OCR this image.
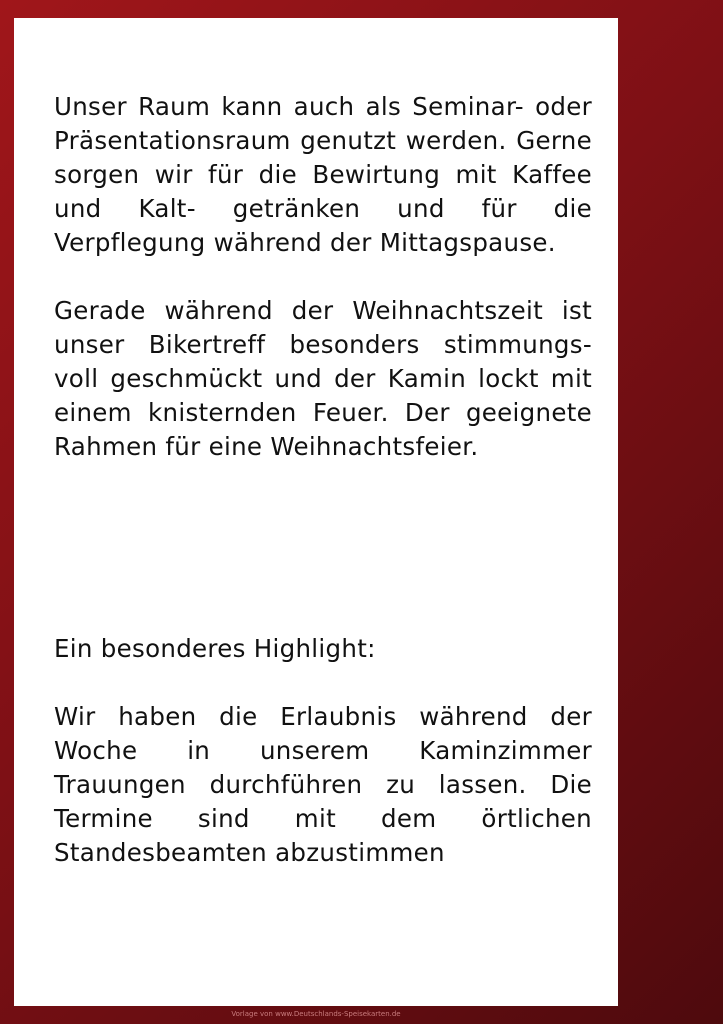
Unser Raum kann auch als Seminar- oder Präsentationsraum genutzt werden. Gerne sorgen wir für die Bewirtung mit Kaffee und Kalt- getränken und für die Verpflegung während der Mittagspause.

Gerade während der Weihnachtszeit ist unser Bikertreff besonders stimmungs- voll geschmückt und der Kamin lockt mit einem knisternden Feuer. Der geeignete Rahmen für eine Weihnachtsfeier.

Ein besonderes Highlight:

Wir haben die Erlaubnis während der Woche in unserem Kaminzimmer Trauungen durchführen zu lassen. Die Termine sind mit dem örtlichen Standesbeamten abzustimmen

Vorlage von www.Deutschlands-Speisekarten.de
